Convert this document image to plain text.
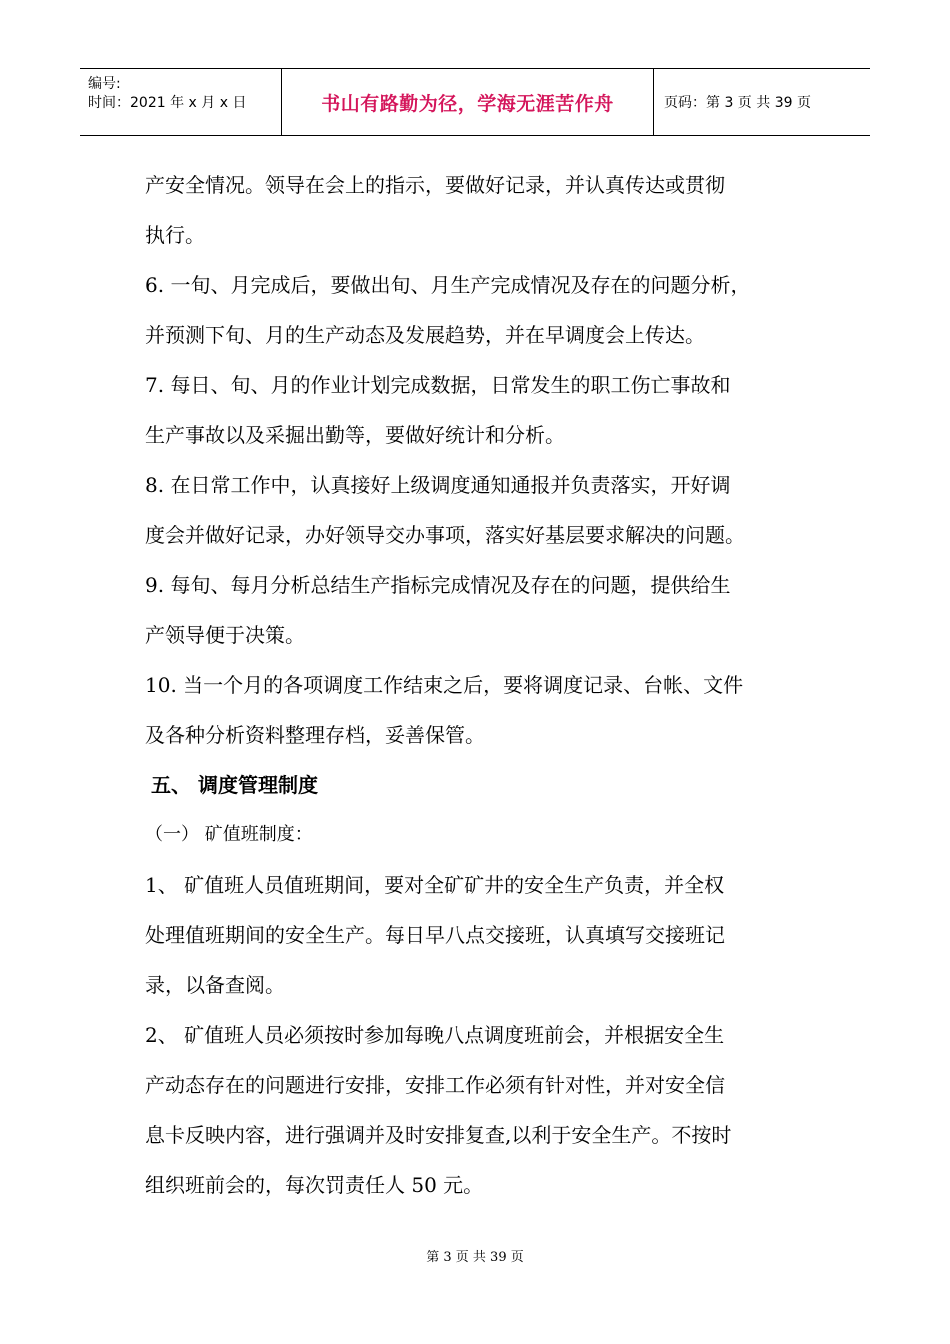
编号:
时间：2021 年 x 月 x 日	书山有路勤为径，学海无涯苦作舟	页码：第 3 页 共 39 页
产安全情况。领导在会上的指示，要做好记录，并认真传达或贯彻
执行。
6. 一旬、月完成后，要做出旬、月生产完成情况及存在的问题分析，
并预测下旬、月的生产动态及发展趋势，并在早调度会上传达。
7. 每日、旬、月的作业计划完成数据，日常发生的职工伤亡事故和
生产事故以及采掘出勤等，要做好统计和分析。
8. 在日常工作中，认真接好上级调度通知通报并负责落实，开好调
度会并做好记录，办好领导交办事项，落实好基层要求解决的问题。
9. 每旬、每月分析总结生产指标完成情况及存在的问题，提供给生
产领导便于决策。
10. 当一个月的各项调度工作结束之后，要将调度记录、台帐、文件
及各种分析资料整理存档，妥善保管。
五、 调度管理制度
（一） 矿值班制度：
1、 矿值班人员值班期间，要对全矿矿井的安全生产负责，并全权
处理值班期间的安全生产。每日早八点交接班，认真填写交接班记
录，以备查阅。
2、 矿值班人员必须按时参加每晚八点调度班前会，并根据安全生
产动态存在的问题进行安排，安排工作必须有针对性，并对安全信
息卡反映内容，进行强调并及时安排复查,以利于安全生产。不按时
组织班前会的，每次罚责任人 50 元。
第 3 页 共 39 页
